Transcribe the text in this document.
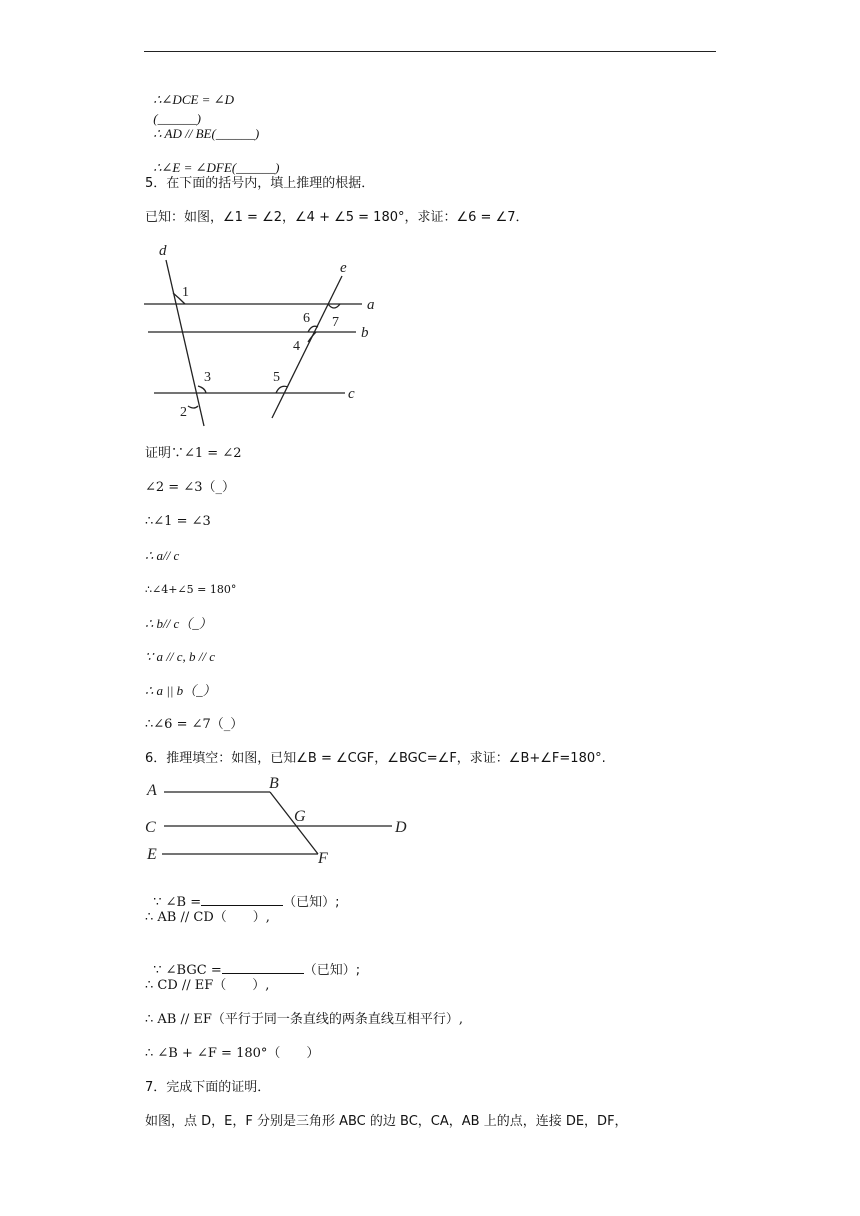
∴∠DCE = ∠D
(______)

∴ AD // BE(______)

∴∠E = ∠DFE(______)

5．在下面的括号内，填上推理的根据．
已知：如图，∠1 = ∠2，∠4 + ∠5 = 180°，求证：∠6 = ∠7．
d
e
a
b
c
1
2
3
4
5
6 7
证明∵∠1 = ∠2
∠2 = ∠3（_）
∴∠1 = ∠3
∴ a// c
∴∠4+∠5 = 180°
∴ b// c（_）
∵ a // c, b // c
∴ a || b（_）
∴∠6 = ∠7（_）
6．推理填空：如图，已知∠B = ∠CGF，∠BGC=∠F，求证：∠B+∠F=180°.
A	B
C	D
E	F
G

∵ ∠B =	（已知）;

∴ AB // CD（　　）,

∵ ∠BGC =	（已知）;

∴ CD // EF（　　）,
∴ AB // EF（平行于同一条直线的两条直线互相平行）,
∴ ∠B + ∠F = 180°（　　）
7．完成下面的证明．
如图，点 D，E，F 分别是三角形 ABC 的边 BC，CA，AB 上的点，连接 DE，DF，
